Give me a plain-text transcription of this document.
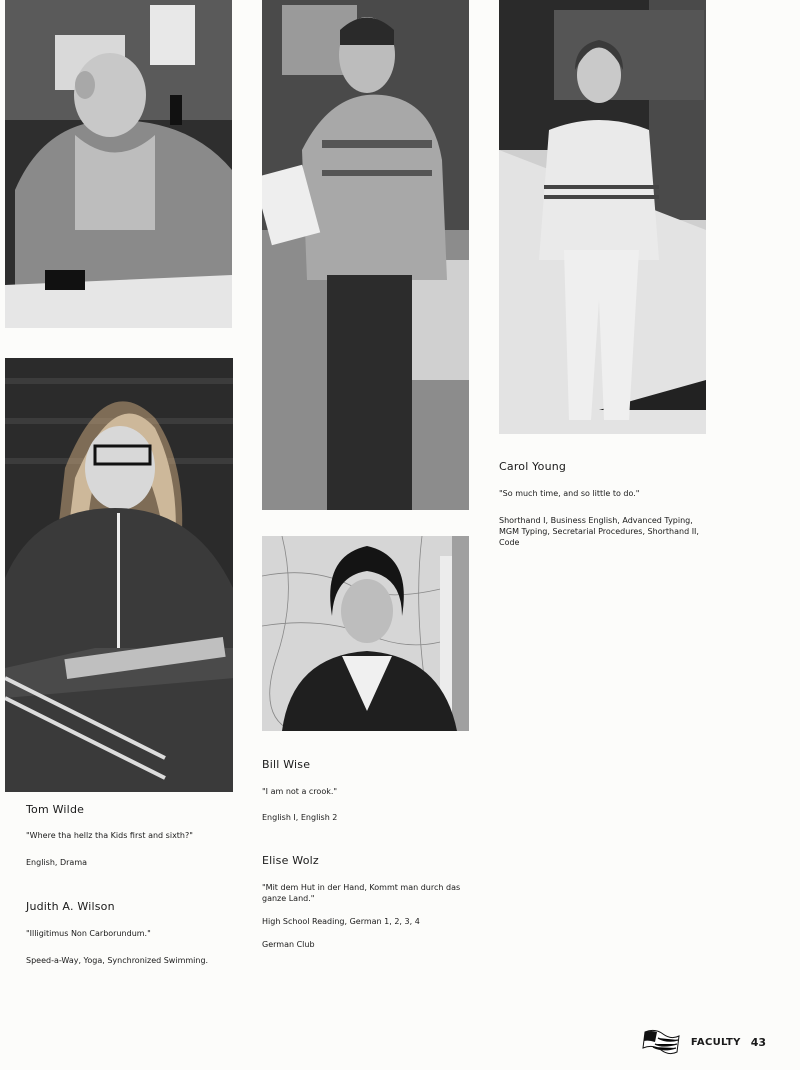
Carol Young

"So much time, and so little to do."

Shorthand I, Business English, Advanced Typing, MGM Typing, Secretarial Procedures, Shorthand II, Code

Bill Wise

"I am not a crook."

English I, English 2

Elise Wolz

"Mit dem Hut in der Hand, Kommt man durch das ganze Land."

High School Reading, German 1, 2, 3, 4

German Club

Tom Wilde

"Where tha hellz tha Kids first and sixth?"

English, Drama

Judith A. Wilson

"Illigitimus Non Carborundum."

Speed-a-Way, Yoga, Synchronized Swimming.

FACULTY 43
